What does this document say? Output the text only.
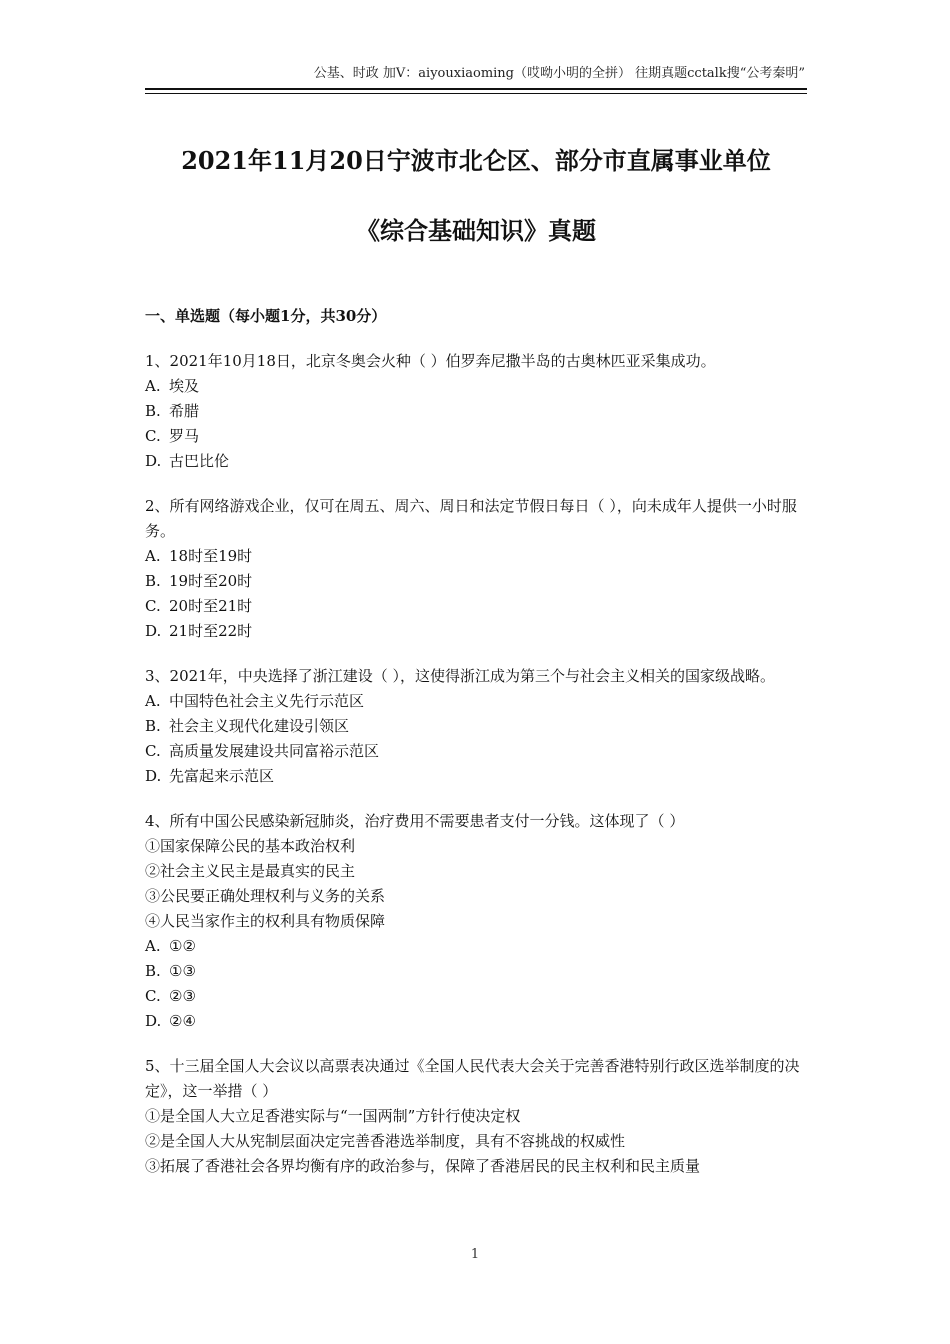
公基、时政 加V：aiyouxiaoming（哎呦小明的全拼） 往期真题cctalk搜“公考秦明”
2021年11月20日宁波市北仑区、部分市直属事业单位
《综合基础知识》真题
一、单选题（每小题1分，共30分）

1、2021年10月18日，北京冬奥会火种（ ）伯罗奔尼撒半岛的古奥林匹亚采集成功。

A. 埃及

B. 希腊

C. 罗马

D. 古巴比伦

2、所有网络游戏企业，仅可在周五、周六、周日和法定节假日每日（ ），向未成年人提供一小时服务。

A. 18时至19时

B. 19时至20时

C. 20时至21时

D. 21时至22时

3、2021年，中央选择了浙江建设（ ），这使得浙江成为第三个与社会主义相关的国家级战略。

A. 中国特色社会主义先行示范区

B. 社会主义现代化建设引领区

C. 高质量发展建设共同富裕示范区

D. 先富起来示范区

4、所有中国公民感染新冠肺炎，治疗费用不需要患者支付一分钱。这体现了（ ）

①国家保障公民的基本政治权利

②社会主义民主是最真实的民主

③公民要正确处理权利与义务的关系

④人民当家作主的权利具有物质保障

A. ①②

B. ①③

C. ②③

D. ②④

5、十三届全国人大会议以高票表决通过《全国人民代表大会关于完善香港特别行政区选举制度的决定》，这一举措（ ）

①是全国人大立足香港实际与“一国两制”方针行使决定权

②是全国人大从宪制层面决定完善香港选举制度，具有不容挑战的权威性

③拓展了香港社会各界均衡有序的政治参与，保障了香港居民的民主权利和民主质量

1
